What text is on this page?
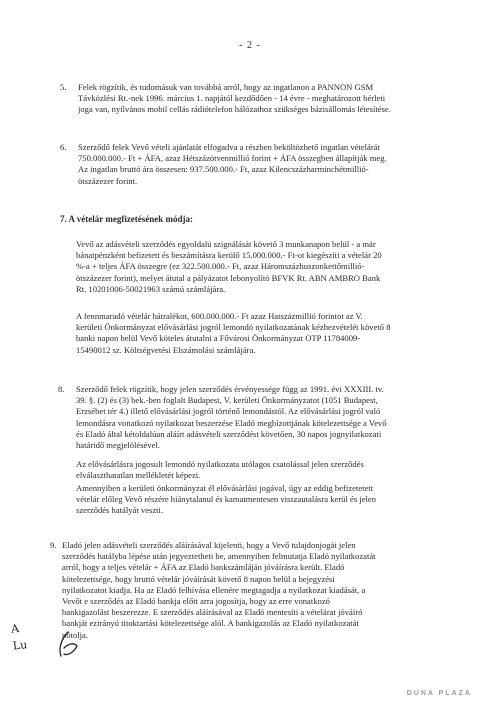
- 2 -
5. Felek rögzítik, és tudomásuk van továbbá arról, hogy az ingatlanon a PANNON GSM
Távközlési Rt.-nek 1996. március 1. napjától kezdődően - 14 évre - meghatározott bérleti
joga van, nyilvános mobil cellás rádiótelefon hálózathoz szükséges bázisállomás létesítése.
6. Szerződő felek Vevő vételi ajánlatát elfogadva a részben beköltözhető ingatlan vételárát
750.000.000.- Ft + ÁFA, azaz Hétszázötvenmillió forint + ÁFA összegben állapítják meg.
Az ingatlan bruttó ára összesen: 937.500.000.- Ft, azaz Kilencszázharminchétmillió-
ötszázezer forint.
7. A vételár megfizetésének módja:
Vevő az adásvételi szerződés egyoldalú szignálását követő 3 munkanapon belül - a már
bánatpénzként befizetett és beszámításra kerülő 15.000.000.- Ft-ot kiegészíti a vételár 20
%-a + teljes ÁFA összegre (ez 322.500.000.- Ft, azaz Háromszázhuszonkettőmillió-
ötszázezer forint), melyet átutal a pályázatot lebonyolító BFVK Rt. ABN AMBRO Bank
Rt. 10201006-50021963 számú számlájára.
A fennmaradó vételár hátralékot, 600.000.000.- Ft azaz Hatszázmillió forintot az V.
kerületi Önkormányzat elővásárlási jogról lemondó nyilatkozatának kézhezvételét követő 8
banki napon belül Vevő köteles átutalni a Fővárosi Önkormányzat OTP 11784009-
15490012 sz. Költségvetési Elszámolási számlájára.
8. Szerződő felek rögzítik, hogy jelen szerződés érvényessége függ az 1991. évi XXXIII. tv.
39. §. (2) és (3) bek.-ben foglalt Budapest, V. kerületi Önkormányzatot (1051 Budapest,
Erzsébet tér 4.) illető elővásárlási jogról történő lemondástól. Az elővásárlási jogról való
lemondásra vonatkozó nyilatkozat beszerzése Eladó megbízottjának kötelezettsége a Vevő
és Eladó által kétoldalúan aláírt adásvételi szerződést követően, 30 napos jognyilatkozati
határidő megjelölésével.
Az elővásárlásra jogosult lemondó nyilatkozata utólagos csatolással jelen szerződés
elválaszthatatlan mellékletét képezi.
Amennyiben a kerületi önkormányzat él elővásárlási jogával, úgy az eddig befizetetett
vételár előleg Vevő részére hiánytalanul és kamatmentesen visszautalásra kerül és jelen
szerződés hatályát veszti.
9. Eladó jelen adásvételi szerződés aláírásával kijelenti, hogy a Vevő tulajdonjogát jelen
szerződés hatályba lépése után jegyeztetheti be, amennyiben felmutatja Eladó nyilatkozatát
arról, hogy a teljes vételár + ÁFA az Eladó bankszámláján jóváírásra került. Eladó
kötelezettsége, hogy bruttó vételár jóváírását követő 8 napon belül a bejegyzési
nyilatkozatot kiadja. Ha az Eladó felhívása ellenére megtagadja a nyilatkozat kiadását, a
Vevőt e szerződés az Eladó bankja előtt arra jogosítja, hogy az erre vonatkozó
bankigazolást beszerezze. E szerződés aláírásával az Eladó mentesíti a vételárat jóváíró
bankját ezirányú titoktartási kötelezettsége alól. A bankigazolás az Eladó nyilatkozatát
pótolja.
A
Lu
DUNA PLAZA
